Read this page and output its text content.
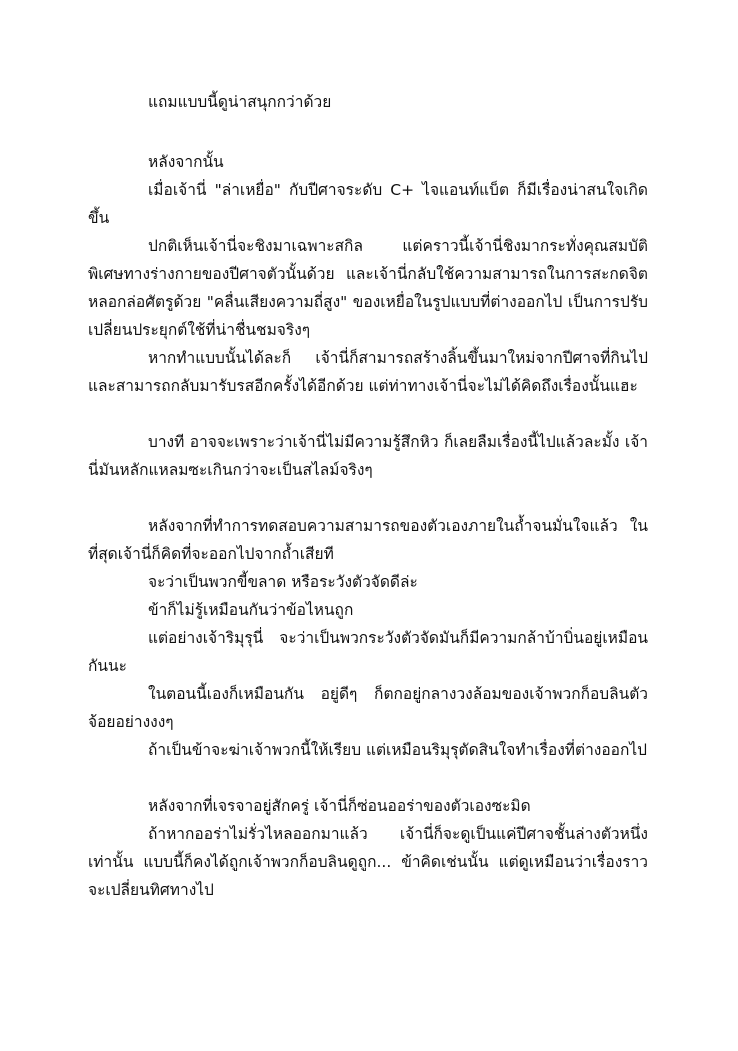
แถมแบบนี้ดูน่าสนุกกว่าด้วย

หลังจากนั้น

เมื่อเจ้านี่ "ล่าเหยื่อ" กับปีศาจระดับ C+ ไจแอนท์แบ็ต ก็มีเรื่องน่าสนใจเกิดขึ้น

ปกติเห็นเจ้านี่จะชิงมาเฉพาะสกิล แต่คราวนี้เจ้านี่ชิงมากระทั่งคุณสมบัติพิเศษทางร่างกายของปีศาจตัวนั้นด้วย และเจ้านี่กลับใช้ความสามารถในการสะกดจิตหลอกล่อศัตรูด้วย "คลื่นเสียงความถี่สูง" ของเหยื่อในรูปแบบที่ต่างออกไป เป็นการปรับเปลี่ยนประยุกต์ใช้ที่น่าชื่นชมจริงๆ

หากทำแบบนั้นได้ละก็ เจ้านี่ก็สามารถสร้างลิ้นขึ้นมาใหม่จากปีศาจที่กินไป และสามารถกลับมารับรสอีกครั้งได้อีกด้วย แต่ท่าทางเจ้านี่จะไม่ได้คิดถึงเรื่องนั้นแฮะ

บางที อาจจะเพราะว่าเจ้านี่ไม่มีความรู้สึกหิว ก็เลยลืมเรื่องนี้ไปแล้วละมั้ง เจ้านี่มันหลักแหลมซะเกินกว่าจะเป็นสไลม์จริงๆ

หลังจากที่ทำการทดสอบความสามารถของตัวเองภายในถ้ำจนมั่นใจแล้ว ในที่สุดเจ้านี่ก็คิดที่จะออกไปจากถ้ำเสียที

จะว่าเป็นพวกขี้ขลาด หรือระวังตัวจัดดีล่ะ

ข้าก็ไม่รู้เหมือนกันว่าข้อไหนถูก

แต่อย่างเจ้าริมุรุนี่ จะว่าเป็นพวกระวังตัวจัดมันก็มีความกล้าบ้าบิ่นอยู่เหมือนกันนะ

ในตอนนี้เองก็เหมือนกัน อยู่ดีๆ ก็ตกอยู่กลางวงล้อมของเจ้าพวกก็อบลินตัวจ้อยอย่างงงๆ

ถ้าเป็นข้าจะฆ่าเจ้าพวกนี้ให้เรียบ แต่เหมือนริมุรุตัดสินใจทำเรื่องที่ต่างออกไป

หลังจากที่เจรจาอยู่สักครู่ เจ้านี่ก็ซ่อนออร่าของตัวเองซะมิด

ถ้าหากออร่าไม่รั่วไหลออกมาแล้ว เจ้านี่ก็จะดูเป็นแค่ปีศาจชั้นล่างตัวหนึ่งเท่านั้น แบบนี้ก็คงได้ถูกเจ้าพวกก็อบลินดูถูก... ข้าคิดเช่นนั้น แต่ดูเหมือนว่าเรื่องราวจะเปลี่ยนทิศทางไป
